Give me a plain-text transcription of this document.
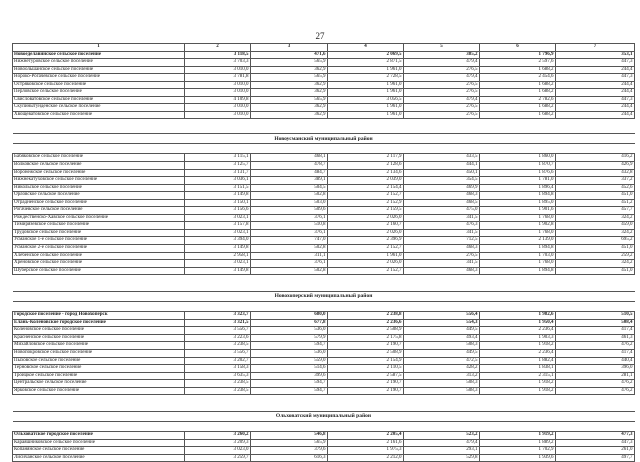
27
1	2	3	4	5	6	7
Новоеделавинское сельское поселение	3 118,5	471,6	2 069,5	385,2	1 796,9	353,1
Нижнетуровское сельское поселение	3 703,3	565,9	2 871,5	479,4	2 597,6	447,3
Новоольшанское сельское поселение	3 010,0	362,9	1 961,0	276,5	1 688,2	244,4
Нороко-Рогачевское сельское поселение	3 781,8	565,9	2 728,5	479,4	2 454,6	447,3
Остряковское сельское поселение	3 010,0	362,9	1 961,0	276,5	1 688,2	244,4
Перловское сельское поселение	3 010,0	362,9	1 961,0	276,5	1 688,2	244,4
Свисловатовское сельское поселение	4 109,8	565,9	3 056,5	479,4	2 782,6	447,3
Скупинытунденское сельское поселение	3 010,0	362,9	1 961,0	276,5	1 688,2	244,4
Хвощеватовское сельское поселение	3 010,0	362,9	1 961,0	276,5	1 688,2	244,4

Новоусманский муниципальный район						

Бабяковское сельское поселение	3 115,1	468,1	2 117,9	433,5	1 860,0	416,2
Волковское сельское поселение	3 125,7	478,7	2 128,6	444,1	1 870,7	426,9
Воронежское сельское поселение	3 131,7	484,7	2 134,6	450,1	1 876,6	432,8
Нижнекатуховское сельское поселение	3 036,1	389,1	2 039,0	354,5	1 781,0	337,2
Никольское сельское поселение	3 151,5	504,5	2 154,4	469,9	1 896,4	452,6
Орловское сельское поселение	3 149,8	502,8	2 152,7	468,3	1 894,8	451,0
Отрадненское сельское поселение	3 150,1	503,0	2 152,9	468,5	1 895,0	451,2
Рогачевское сельское поселение	3 156,6	509,6	2 159,5	475,0	1 901,6	457,7
Рождественско-Хавское сельское поселение	3 023,1	376,1	2 026,0	341,5	1 768,0	324,2
Тимирязевское сельское поселение	3 157,8	510,8	2 160,7	476,3	1 902,8	459,0
Трудовское сельское поселение	3 023,1	376,1	2 026,0	341,5	1 768,0	324,2
Усманское 1-е сельское поселение	3 394,0	747,0	2 396,9	712,5	2 139,0	695,2
Усманское 2-е сельское поселение	3 149,8	502,8	2 152,7	468,3	1 894,8	451,0
Хлебенское сельское поселение	2 958,1	311,1	1 961,0	276,5	1 703,0	259,2
Хреновское сельское поселение	3 023,1	376,1	2 026,0	341,5	1 768,0	324,2
Шуберское сельское поселение	3 149,8	502,8	2 152,7	468,3	1 894,8	451,0

Новохоперский муниципальный район						

Городское поселение - город Новохоперск	3 323,7	680,0	2 238,8	556,4	1 982,6	510,5
Елань-Коленовское городское поселение	3 321,5	677,8	2 236,6	554,3	1 950,4	508,4
Коленовское сельское поселение	3 556,7	536,0	2 508,9	449,5	2 236,4	417,4
Красненское сельское поселение	3 223,6	579,9	2 175,8	493,4	1 903,3	461,3
Михайловское сельское поселение	3 238,5	594,7	2 190,7	508,3	1 918,2	476,2
Новопокровское сельское поселение	3 556,7	536,0	2 508,9	449,5	2 236,4	417,4
Пыховское сельское поселение	3 202,7	559,0	2 154,9	472,5	1 882,4	440,4
Терновское сельское поселение	3 158,3	514,6	2 110,5	428,2	1 838,1	396,0
Троицкое сельское поселение	3 635,3	399,6	2 587,5	313,2	2 315,1	281,1
Центральское сельское поселение	3 238,5	594,7	2 190,7	508,3	1 918,2	476,2
Ярковское сельское поселение	3 238,5	594,7	2 190,7	508,3	1 918,2	476,2

Ольховатский муниципальный район						

Ольховатское городское поселение	3 260,2	546,8	2 205,4	523,2	1 919,2	477,3
Караяшниковское сельское поселение	3 209,3	565,9	2 161,6	479,4	1 889,2	447,3
Копанянское сельское поселение	3 023,0	379,6	1 975,3	293,1	1 702,9	261,0
Лисичанское сельское поселение	3 259,7	616,3	2 212,0	529,8	1 939,6	497,7
